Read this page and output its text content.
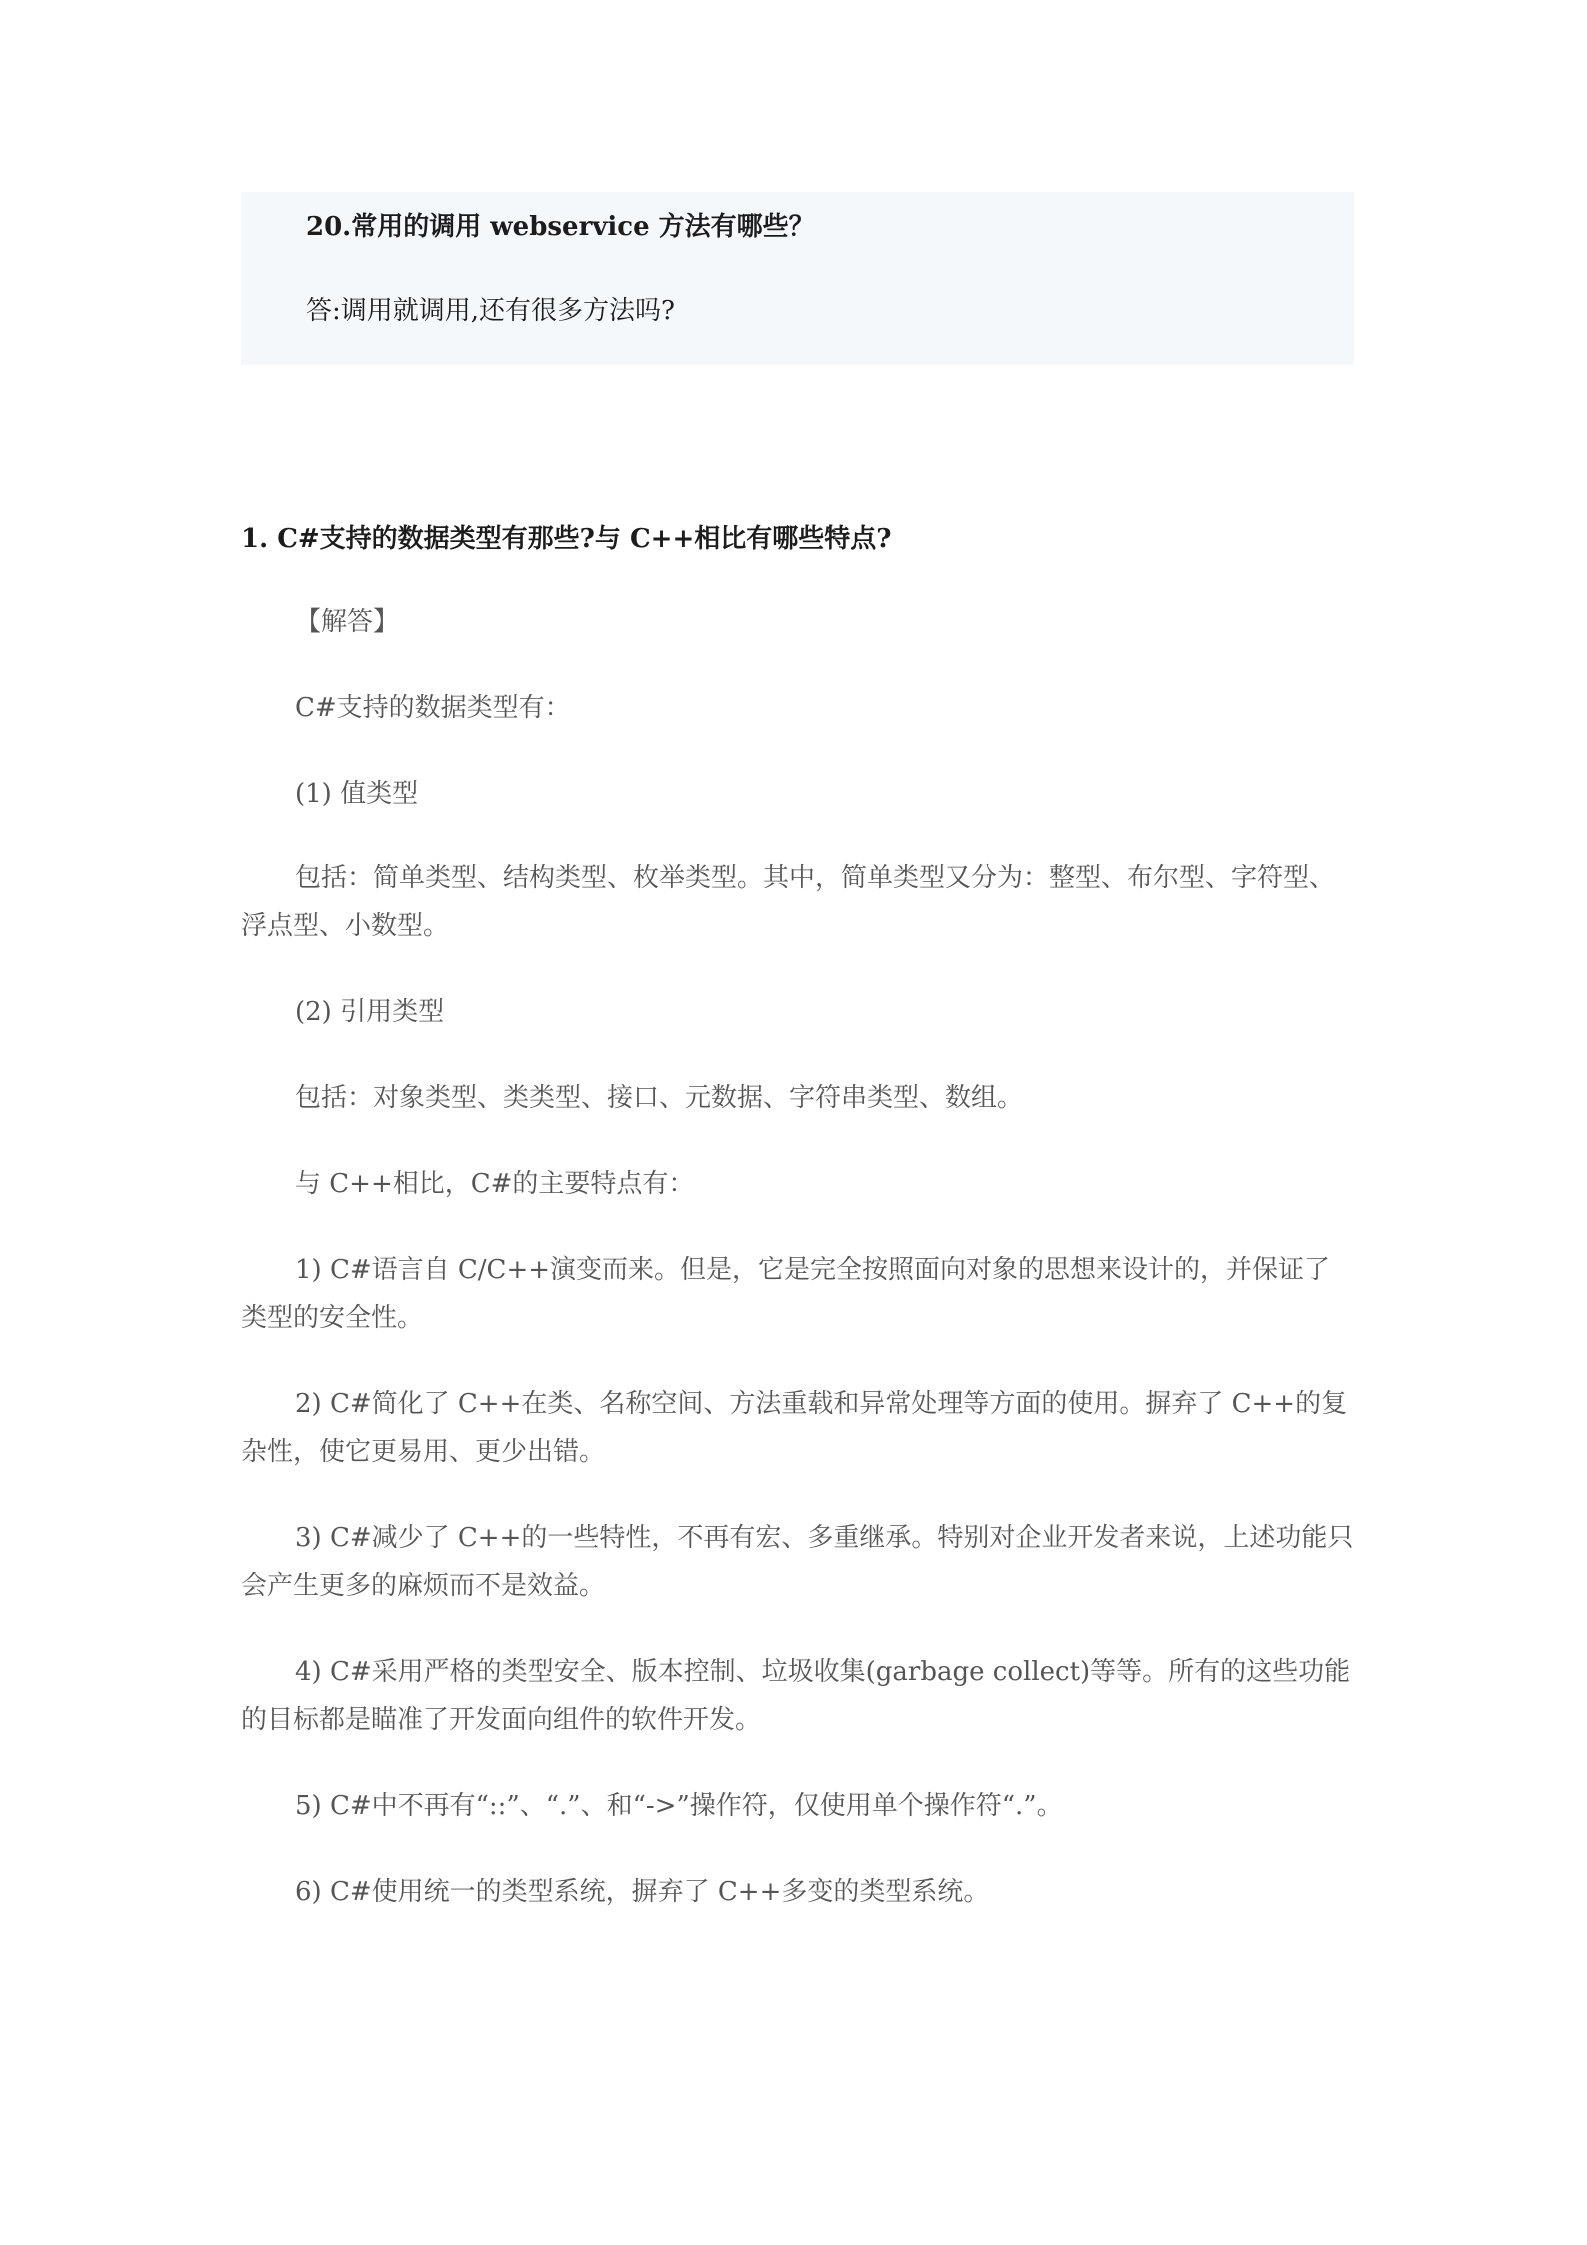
20.常用的调用 webservice 方法有哪些？
答:调用就调用,还有很多方法吗?
1. C#支持的数据类型有那些?与 C++相比有哪些特点?

【解答】

C#支持的数据类型有：

(1) 值类型

包括：简单类型、结构类型、枚举类型。其中，简单类型又分为：整型、布尔型、字符型、浮点型、小数型。

(2) 引用类型

包括：对象类型、类类型、接口、元数据、字符串类型、数组。

与 C++相比，C#的主要特点有：

1) C#语言自 C/C++演变而来。但是，它是完全按照面向对象的思想来设计的，并保证了类型的安全性。

2) C#简化了 C++在类、名称空间、方法重载和异常处理等方面的使用。摒弃了 C++的复杂性，使它更易用、更少出错。

3) C#减少了 C++的一些特性，不再有宏、多重继承。特别对企业开发者来说，上述功能只会产生更多的麻烦而不是效益。

4) C#采用严格的类型安全、版本控制、垃圾收集(garbage collect)等等。所有的这些功能的目标都是瞄准了开发面向组件的软件开发。

5) C#中不再有“::”、“.”、和“->”操作符，仅使用单个操作符“.”。

6) C#使用统一的类型系统，摒弃了 C++多变的类型系统。
